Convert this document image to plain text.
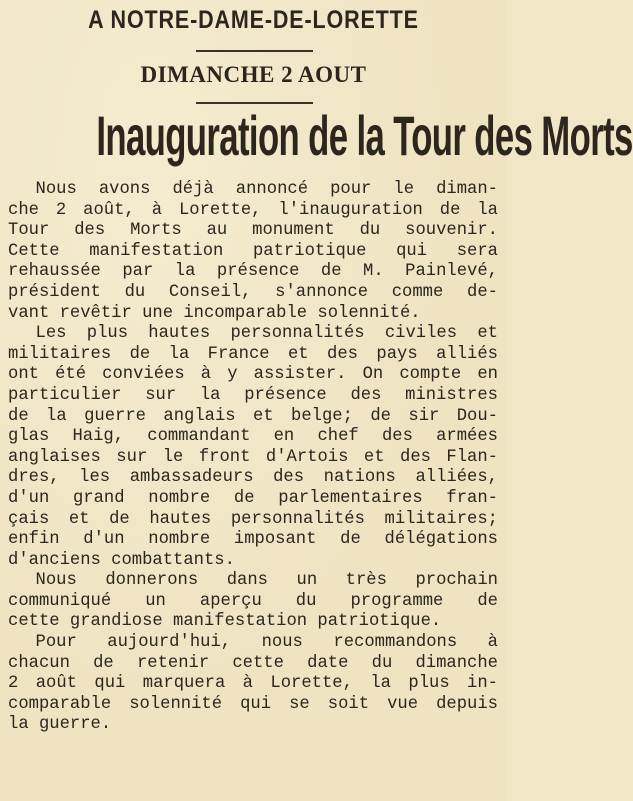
A NOTRE-DAME-DE-LORETTE
DIMANCHE 2 AOUT
Inauguration de la Tour des Morts
Nous avons déjà annoncé pour le diman-
che 2 août, à Lorette, l'inauguration de la
Tour des Morts au monument du souvenir.
Cette manifestation patriotique qui sera
rehaussée par la présence de M. Painlevé,
président du Conseil, s'annonce comme de-
vant revêtir une incomparable solennité.
Les plus hautes personnalités civiles et
militaires de la France et des pays alliés
ont été conviées à y assister. On compte en
particulier sur la présence des ministres
de la guerre anglais et belge; de sir Dou-
glas Haig, commandant en chef des armées
anglaises sur le front d'Artois et des Flan-
dres, les ambassadeurs des nations alliées,
d'un grand nombre de parlementaires fran-
çais et de hautes personnalités militaires;
enfin d'un nombre imposant de délégations
d'anciens combattants.
Nous donnerons dans un très prochain
communiqué un aperçu du programme de
cette grandiose manifestation patriotique.
Pour aujourd'hui, nous recommandons à
chacun de retenir cette date du dimanche
2 août qui marquera à Lorette, la plus in-
comparable solennité qui se soit vue depuis
la guerre.
